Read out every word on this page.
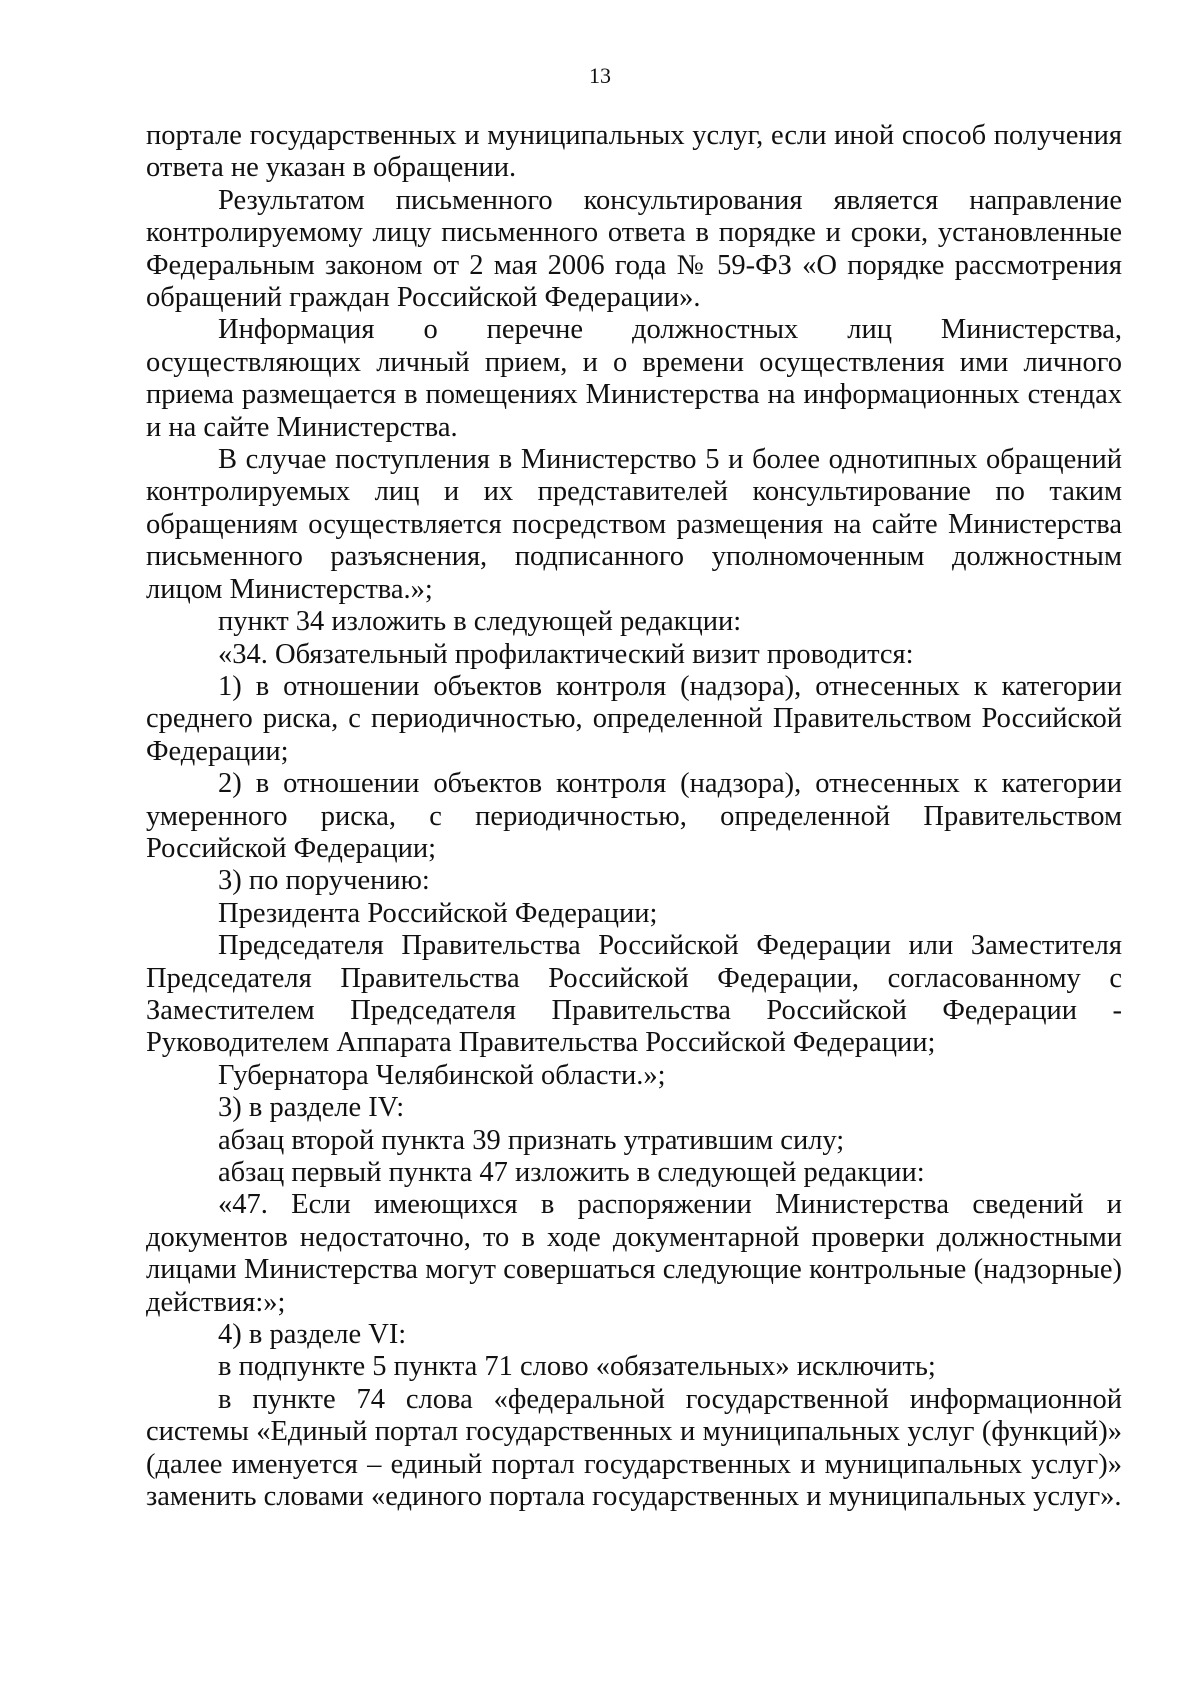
13

портале государственных и муниципальных услуг, если иной способ получения ответа не указан в обращении.

Результатом письменного консультирования является направление контролируемому лицу письменного ответа в порядке и сроки, установленные Федеральным законом от 2 мая 2006 года № 59-ФЗ «О порядке рассмотрения обращений граждан Российской Федерации».

Информация о перечне должностных лиц Министерства, осуществляющих личный прием, и о времени осуществления ими личного приема размещается в помещениях Министерства на информационных стендах и на сайте Министерства.

В случае поступления в Министерство 5 и более однотипных обращений контролируемых лиц и их представителей консультирование по таким обращениям осуществляется посредством размещения на сайте Министерства письменного разъяснения, подписанного уполномоченным должностным лицом Министерства.»;

пункт 34 изложить в следующей редакции:

«34. Обязательный профилактический визит проводится:

1) в отношении объектов контроля (надзора), отнесенных к категории среднего риска, с периодичностью, определенной Правительством Российской Федерации;

2) в отношении объектов контроля (надзора), отнесенных к категории умеренного риска, с периодичностью, определенной Правительством Российской Федерации;

3) по поручению:

Президента Российской Федерации;

Председателя Правительства Российской Федерации или Заместителя Председателя Правительства Российской Федерации, согласованному с Заместителем Председателя Правительства Российской Федерации - Руководителем Аппарата Правительства Российской Федерации;

Губернатора Челябинской области.»;

3) в разделе IV:

абзац второй пункта 39 признать утратившим силу;

абзац первый пункта 47 изложить в следующей редакции:

«47. Если имеющихся в распоряжении Министерства сведений и документов недостаточно, то в ходе документарной проверки должностными лицами Министерства могут совершаться следующие контрольные (надзорные) действия:»;

4) в разделе VI:

в подпункте 5 пункта 71 слово «обязательных» исключить;

в пункте 74 слова «федеральной государственной информационной системы «Единый портал государственных и муниципальных услуг (функций)» (далее именуется – единый портал государственных и муниципальных услуг)» заменить словами «единого портала государственных и муниципальных услуг».
